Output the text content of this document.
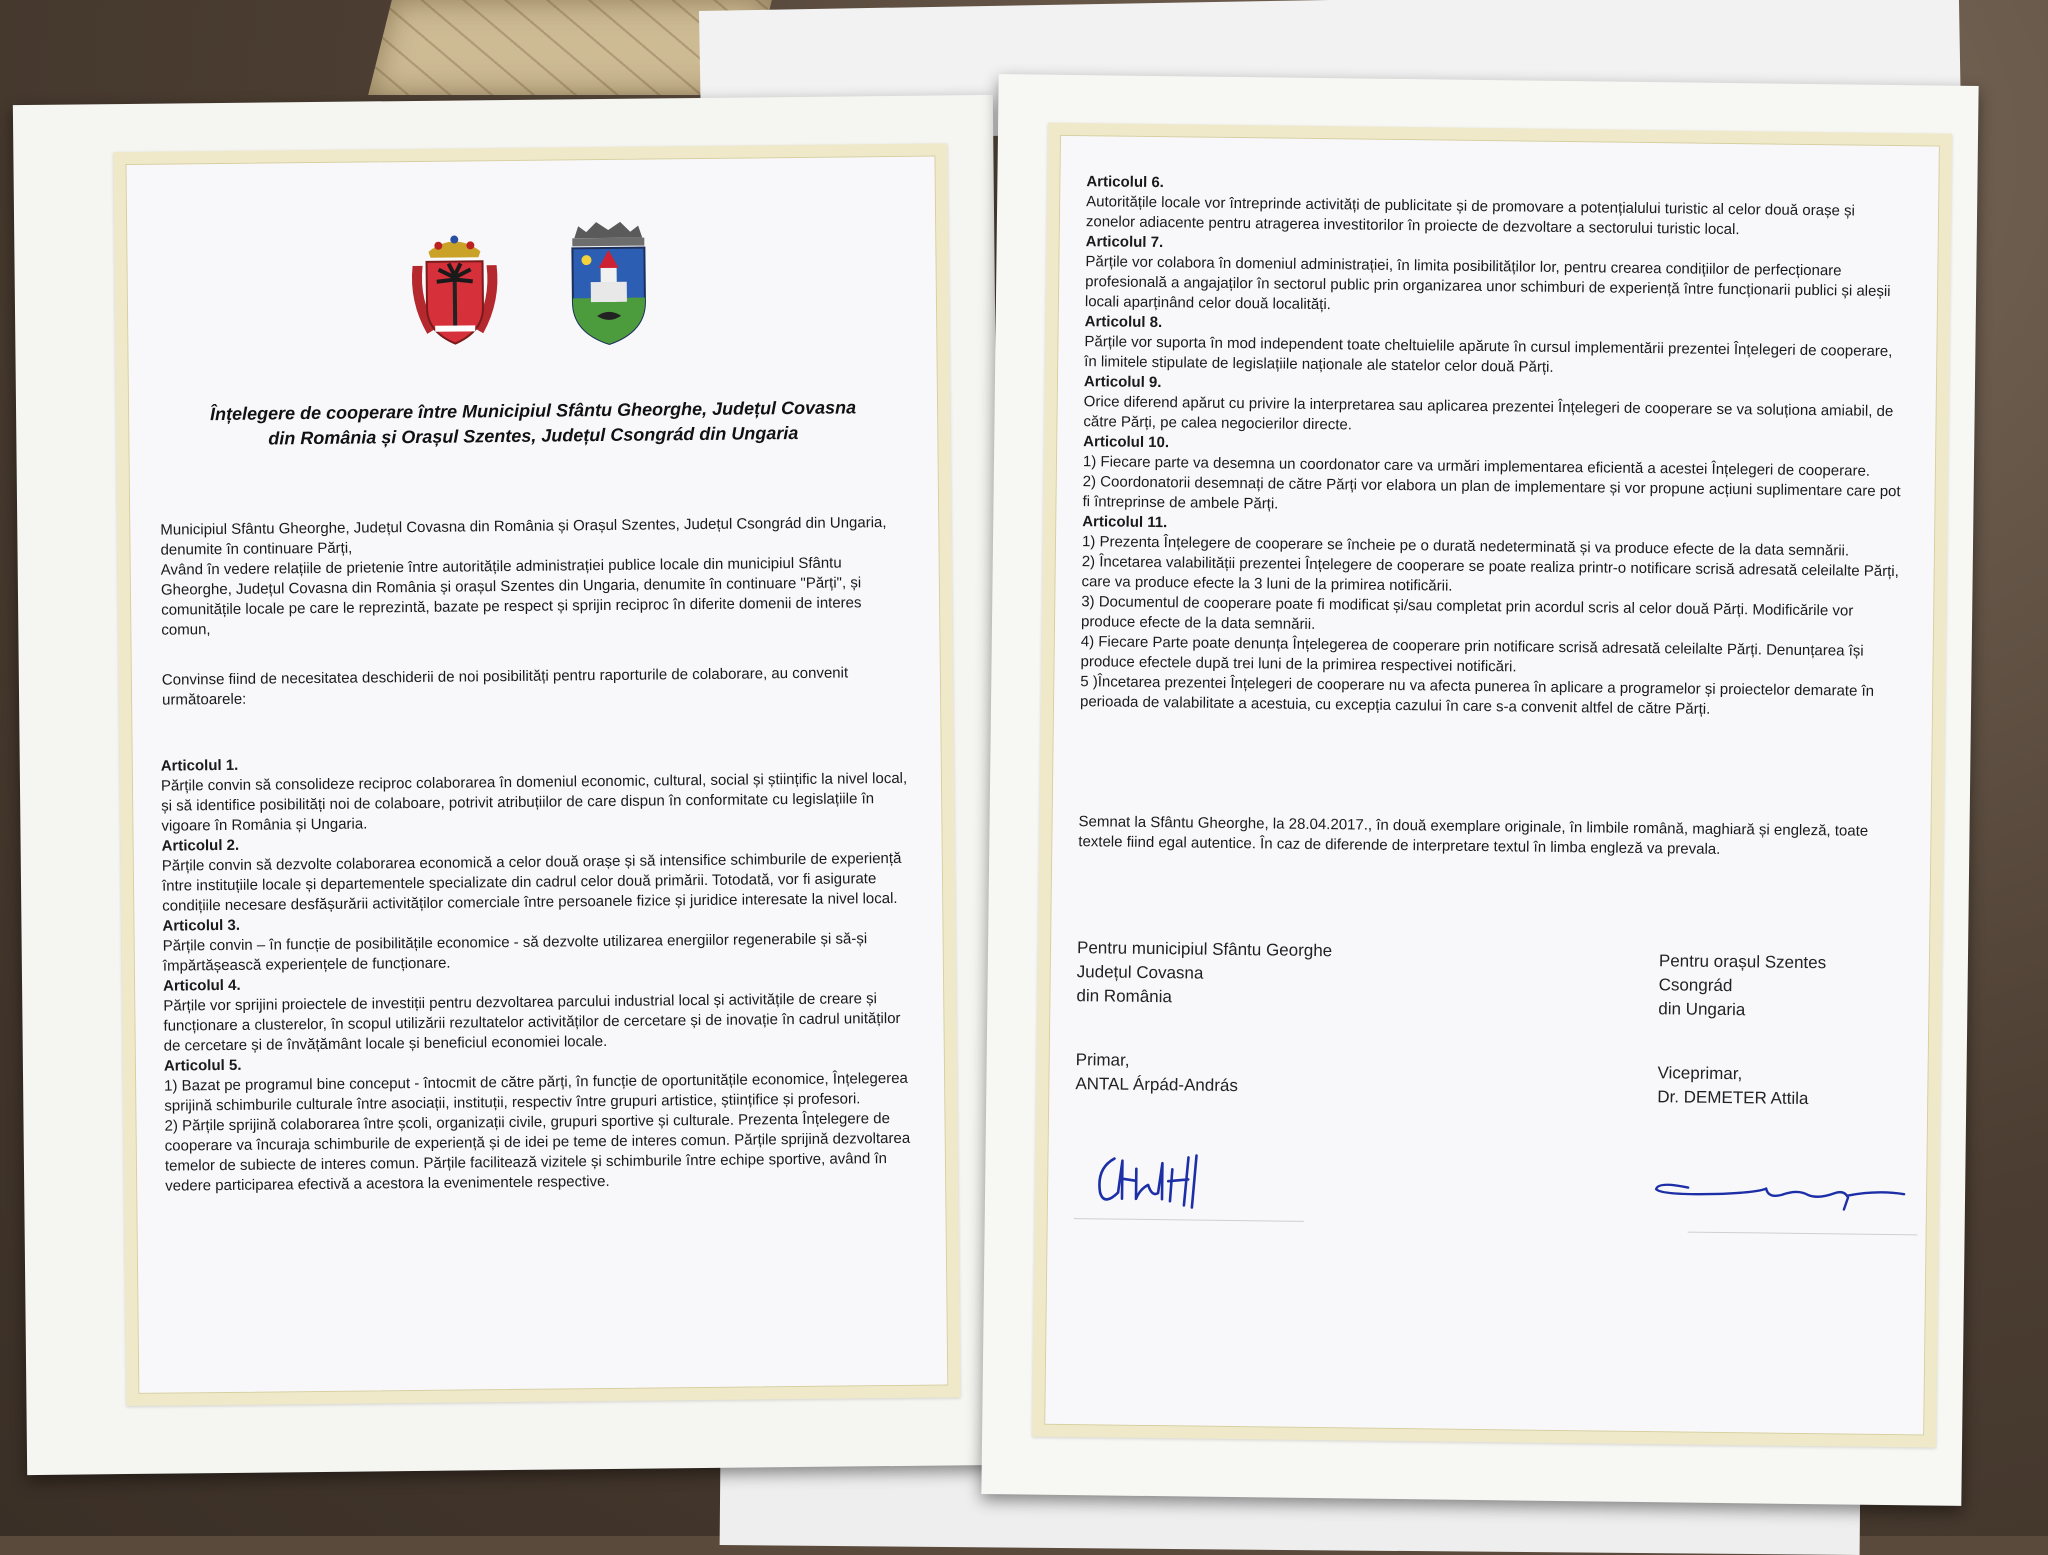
Înțelegere de cooperare între Municipiul Sfântu Gheorghe, Județul Covasna
din România și Orașul Szentes, Județul Csongrád din Ungaria

Municipiul Sfântu Gheorghe, Județul Covasna din România și Orașul Szentes, Județul Csongrád din Ungaria, denumite în continuare Părți,

Având în vedere relațiile de prietenie între autoritățile administrației publice locale din municipiul Sfântu Gheorghe, Județul Covasna din România și orașul Szentes din Ungaria, denumite în continuare "Părți", și comunitățile locale pe care le reprezintă, bazate pe respect și sprijin reciproc în diferite domenii de interes comun,

Convinse fiind de necesitatea deschiderii de noi posibilități pentru raporturile de colaborare, au convenit următoarele:

Articolul 1.

Părțile convin să consolideze reciproc colaborarea în domeniul economic, cultural, social și științific la nivel local, și să identifice posibilități noi de colaboare, potrivit atribuțiilor de care dispun în conformitate cu legislațiile în vigoare în România și Ungaria.

Articolul 2.

Părțile convin să dezvolte colaborarea economică a celor două orașe și să intensifice schimburile de experiență între instituțiile locale și departementele specializate din cadrul celor două primării. Totodată, vor fi asigurate condițiile necesare desfășurării activităților comerciale între persoanele fizice și juridice interesate la nivel local.

Articolul 3.

Părțile convin – în funcție de posibilitățile economice - să dezvolte utilizarea energiilor regenerabile și să-și împărtășească experiențele de funcționare.

Articolul 4.

Părțile vor sprijini proiectele de investiții pentru dezvoltarea parcului industrial local și activitățile de creare și funcționare a clusterelor, în scopul utilizării rezultatelor activităților de cercetare și de inovație în cadrul unităților de cercetare și de învățământ locale și beneficiul economiei locale.

Articolul 5.

1) Bazat pe programul bine conceput - întocmit de către părți, în funcție de oportunitățile economice, Înțelegerea sprijină schimburile culturale între asociații, instituții, respectiv între grupuri artistice, științifice și profesori.

2) Părțile sprijină colaborarea între școli, organizații civile, grupuri sportive și culturale. Prezenta Înțelegere de cooperare va încuraja schimburile de experiență și de idei pe teme de interes comun. Părțile sprijină dezvoltarea temelor de subiecte de interes comun. Părțile facilitează vizitele și schimburile între echipe sportive, având în vedere participarea efectivă a acestora la evenimentele respective.

Articolul 6.

Autoritățile locale vor întreprinde activități de publicitate și de promovare a potențialului turistic al celor două orașe și zonelor adiacente pentru atragerea investitorilor în proiecte de dezvoltare a sectorului turistic local.

Articolul 7.

Părțile vor colabora în domeniul administrației, în limita posibilităților lor, pentru crearea condițiilor de perfecționare profesională a angajaților în sectorul public prin organizarea unor schimburi de experiență între funcționarii publici și aleșii locali aparținând celor două localități.

Articolul 8.

Părțile vor suporta în mod independent toate cheltuielile apărute în cursul implementării prezentei Înțelegeri de cooperare, în limitele stipulate de legislațiile naționale ale statelor celor două Părți.

Articolul 9.

Orice diferend apărut cu privire la interpretarea sau aplicarea prezentei Înțelegeri de cooperare se va soluționa amiabil, de către Părți, pe calea negocierilor directe.

Articolul 10.

1) Fiecare parte va desemna un coordonator care va urmări implementarea eficientă a acestei Înțelegeri de cooperare.

2) Coordonatorii desemnați de către Părți vor elabora un plan de implementare și vor propune acțiuni suplimentare care pot fi întreprinse de ambele Părți.

Articolul 11.

1) Prezenta Înțelegere de cooperare se încheie pe o durată nedeterminată și va produce efecte de la data semnării.

2) Încetarea valabilității prezentei Înțelegere de cooperare se poate realiza printr-o notificare scrisă adresată celeilalte Părți, care va produce efecte la 3 luni de la primirea notificării.

3) Documentul de cooperare poate fi modificat și/sau completat prin acordul scris al celor două Părți. Modificările vor produce efecte de la data semnării.

4) Fiecare Parte poate denunța Înțelegerea de cooperare prin notificare scrisă adresată celeilalte Părți. Denunțarea își produce efectele după trei luni de la primirea respectivei notificări.

5 )Încetarea prezentei Înțelegeri de cooperare nu va afecta punerea în aplicare a programelor și proiectelor demarate în perioada de valabilitate a acestuia, cu excepția cazului în care s-a convenit altfel de către Părți.

Semnat la Sfântu Gheorghe, la 28.04.2017., în două exemplare originale, în limbile română, maghiară și engleză, toate textele fiind egal autentice. În caz de diferende de interpretare textul în limba engleză va prevala.
Pentru municipiul Sfântu Georghe
Județul Covasna
din România
Primar,
ANTAL Árpád-András
Pentru orașul Szentes
Csongrád
din Ungaria
Viceprimar,
Dr. DEMETER Attila
